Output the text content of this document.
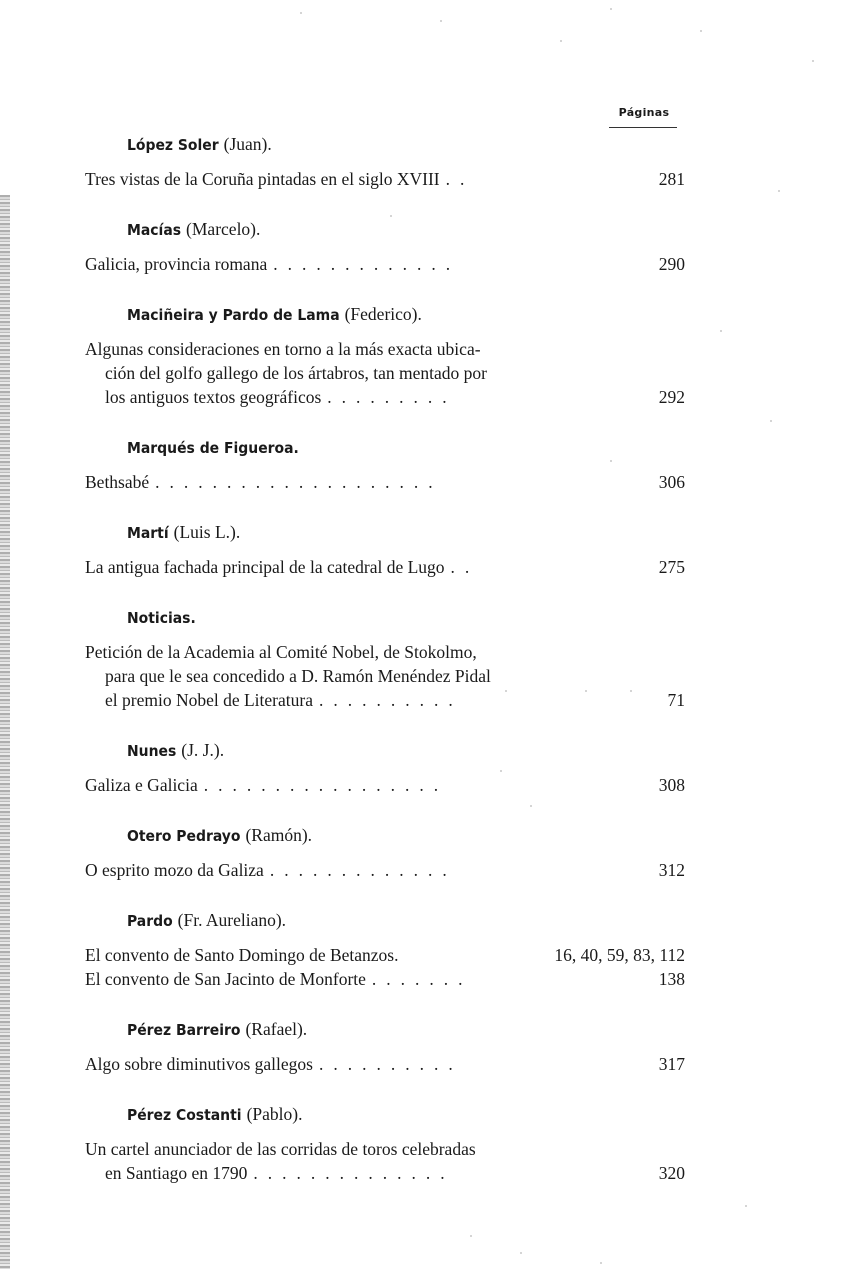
Páginas
López Soler (Juan).
Tres vistas de la Coruña pintadas en el siglo XVIII ..	281
Macías (Marcelo).
Galicia, provincia romana .............	290
Maciñeira y Pardo de Lama (Federico).
Algunas consideraciones en torno a la más exacta ubica-
ción del golfo gallego de los ártabros, tan mentado por
los antiguos textos geográficos .........	292
Marqués de Figueroa.
Bethsabé ....................	306
Martí (Luis L.).
La antigua fachada principal de la catedral de Lugo ..	275
Noticias.
Petición de la Academia al Comité Nobel, de Stokolmo,
para que le sea concedido a D. Ramón Menéndez Pidal
el premio Nobel de Literatura ..........	71
Nunes (J. J.).
Galiza e Galicia .................	308
Otero Pedrayo (Ramón).
O esprito mozo da Galiza .............	312
Pardo (Fr. Aureliano).
El convento de Santo Domingo de Betanzos.	16, 40, 59, 83, 112
El convento de San Jacinto de Monforte .......	138
Pérez Barreiro (Rafael).
Algo sobre diminutivos gallegos ..........	317
Pérez Costanti (Pablo).
Un cartel anunciador de las corridas de toros celebradas
en Santiago en 1790 ..............	320
